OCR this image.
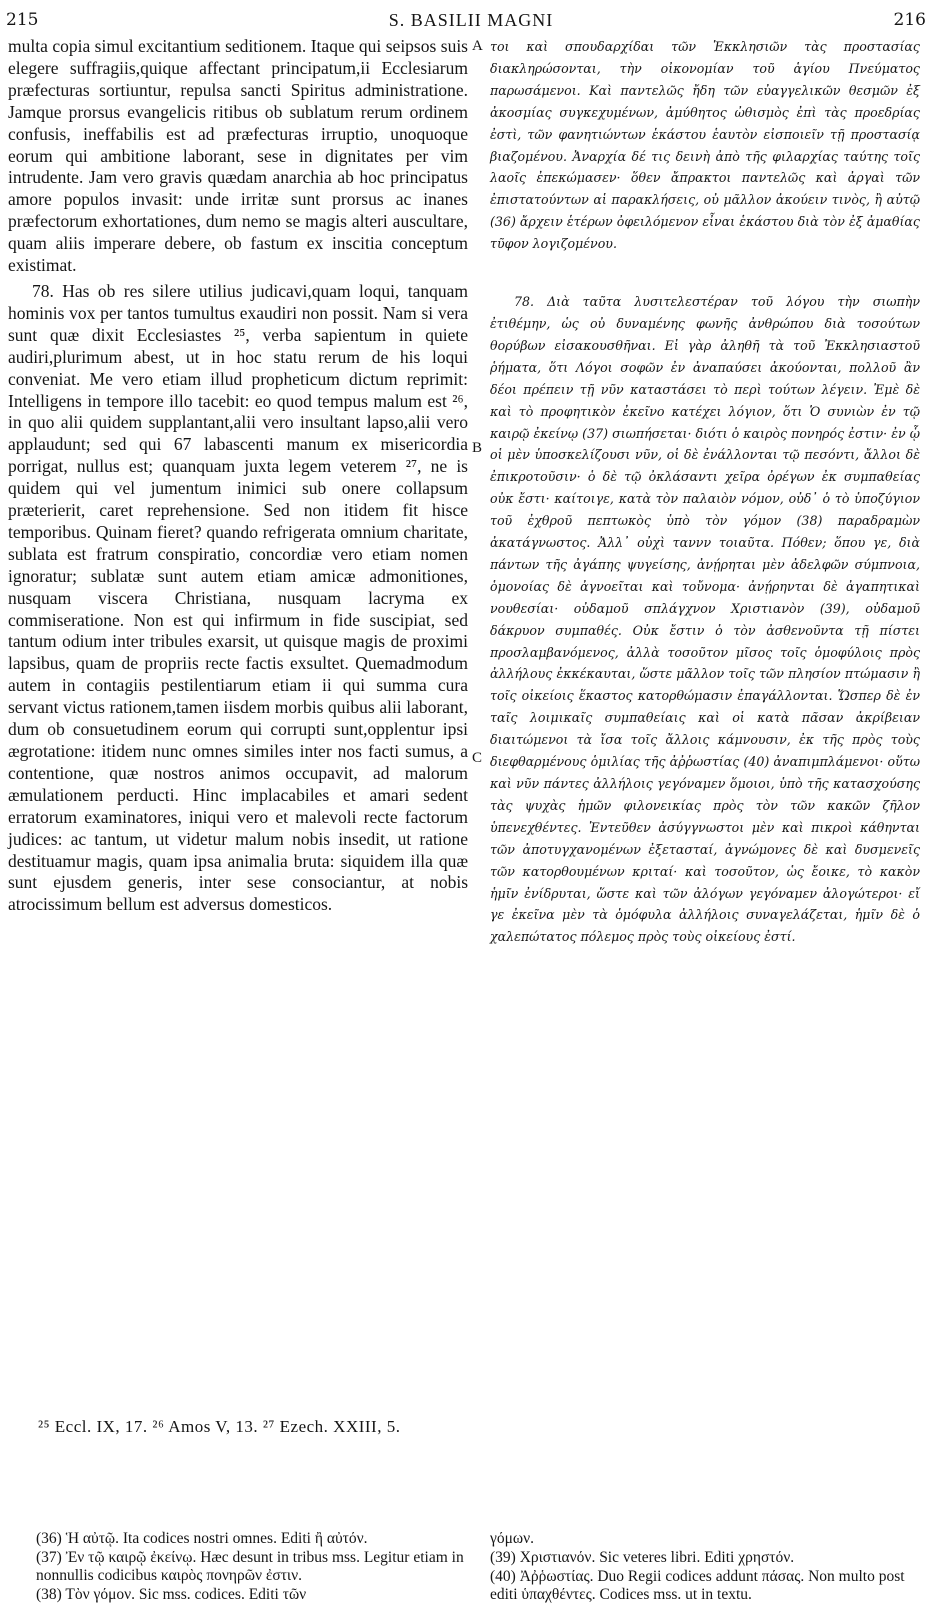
215	S. BASILII MAGNI	216

multa copia simul excitantium seditionem. Itaque qui seipsos suis elegere suffragiis,quique affectant principatum,ii Ecclesiarum præfecturas sortiuntur, repulsa sancti Spiritus administratione. Jamque prorsus evangelicis ritibus ob sublatum rerum ordinem confusis, ineffabilis est ad præfecturas irruptio, unoquoque eorum qui ambitione laborant, sese in dignitates per vim intrudente. Jam vero gravis quædam anarchia ab hoc principatus amore populos invasit: unde irritæ sunt prorsus ac inanes præfectorum exhortationes, dum nemo se magis alteri auscultare, quam aliis imperare debere, ob fastum ex inscitia conceptum existimat.

78. Has ob res silere utilius judicavi,quam loqui, tanquam hominis vox per tantos tumultus exaudiri non possit. Nam si vera sunt quæ dixit Ecclesiastes ²⁵, verba sapientum in quiete audiri,plurimum abest, ut in hoc statu rerum de his loqui conveniat. Me vero etiam illud propheticum dictum reprimit: Intelligens in tempore illo tacebit: eo quod tempus malum est ²⁶, in quo alii quidem supplantant,alii vero insultant lapso,alii vero applaudunt; sed qui 67 labascenti manum ex misericordia porrigat, nullus est; quanquam juxta legem veterem ²⁷, ne is quidem qui vel jumentum inimici sub onere collapsum præterierit, caret reprehensione. Sed non itidem fit hisce temporibus. Quinam fieret? quando refrigerata omnium charitate, sublata est fratrum conspiratio, concordiæ vero etiam nomen ignoratur; sublatæ sunt autem etiam amicæ admonitiones, nusquam viscera Christiana, nusquam lacryma ex commiseratione. Non est qui infirmum in fide suscipiat, sed tantum odium inter tribules exarsit, ut quisque magis de proximi lapsibus, quam de propriis recte factis exsultet. Quemadmodum autem in contagiis pestilentiarum etiam ii qui summa cura servant victus rationem,tamen iisdem morbis quibus alii laborant, dum ob consuetudinem eorum qui corrupti sunt,opplentur ipsi ægrotatione: itidem nunc omnes similes inter nos facti sumus, a contentione, quæ nostros animos occupavit, ad malorum æmulationem perducti. Hinc implacabiles et amari sedent erratorum examinatores, iniqui vero et malevoli recte factorum judices: ac tantum, ut videtur malum nobis insedit, ut ratione destituamur magis, quam ipsa animalia bruta: siquidem illa quæ sunt ejusdem generis, inter sese consociantur, at nobis atrocissimum bellum est adversus domesticos.

A
B
C

τοι καὶ σπουδαρχίδαι τῶν Ἐκκλησιῶν τὰς προστασίας διακληρώσονται, τὴν οἰκονομίαν τοῦ ἁγίου Πνεύματος παρωσάμενοι. Καὶ παντελῶς ἤδη τῶν εὐαγγελικῶν θεσμῶν ἐξ ἀκοσμίας συγκεχυμένων, ἀμύθητος ὠθισμὸς ἐπὶ τὰς προεδρίας ἐστὶ, τῶν φανητιώντων ἑκάστου ἑαυτὸν εἰσποιεῖν τῇ προστασίᾳ βιαζομένου. Ἀναρχία δέ τις δεινὴ ἀπὸ τῆς φιλαρχίας ταύτης τοῖς λαοῖς ἐπεκώμασεν· ὅθεν ἄπρακτοι παντελῶς καὶ ἀργαὶ τῶν ἐπιστατούντων αἱ παρακλήσεις, οὐ μᾶλλον ἀκούειν τινὸς, ἢ αὐτῷ (36) ἄρχειν ἑτέρων ὀφειλόμενον εἶναι ἑκάστου διὰ τὸν ἐξ ἀμαθίας τῦφον λογιζομένου.

78. Διὰ ταῦτα λυσιτελεστέραν τοῦ λόγου τὴν σιωπὴν ἐτιθέμην, ὡς οὐ δυναμένης φωνῆς ἀνθρώπου διὰ τοσούτων θορύβων εἰσακουσθῆναι. Εἰ γὰρ ἀληθῆ τὰ τοῦ Ἐκκλησιαστοῦ ῥήματα, ὅτι Λόγοι σοφῶν ἐν ἀναπαύσει ἀκούονται, πολλοῦ ἂν δέοι πρέπειν τῇ νῦν καταστάσει τὸ περὶ τούτων λέγειν. Ἐμὲ δὲ καὶ τὸ προφητικὸν ἐκεῖνο κατέχει λόγιον, ὅτι Ὁ συνιὼν ἐν τῷ καιρῷ ἐκείνῳ (37) σιωπήσεται· διότι ὁ καιρὸς πονηρός ἐστιν· ἐν ᾧ οἱ μὲν ὑποσκελίζουσι νῦν, οἱ δὲ ἐνάλλονται τῷ πεσόντι, ἄλλοι δὲ ἐπικροτοῦσιν· ὁ δὲ τῷ ὀκλάσαντι χεῖρα ὀρέγων ἐκ συμπαθείας οὐκ ἔστι· καίτοιγε, κατὰ τὸν παλαιὸν νόμον, οὐδ᾽ ὁ τὸ ὑποζύγιον τοῦ ἐχθροῦ πεπτωκὸς ὑπὸ τὸν γόμον (38) παραδραμὼν ἀκατάγνωστος. Ἀλλ᾽ οὐχὶ ταννν τοιαῦτα. Πόθεν; ὅπου γε, διὰ πάντων τῆς ἀγάπης ψυγείσης, ἀνῄρηται μὲν ἀδελφῶν σύμπνοια, ὁμονοίας δὲ ἀγνοεῖται καὶ τοὔνομα· ἀνῄρηνται δὲ ἀγαπητικαὶ νουθεσίαι· οὐδαμοῦ σπλάγχνον Χριστιανὸν (39), οὐδαμοῦ δάκρυον συμπαθές. Οὐκ ἔστιν ὁ τὸν ἀσθενοῦντα τῇ πίστει προσλαμβανόμενος, ἀλλὰ τοσοῦτον μῖσος τοῖς ὁμοφύλοις πρὸς ἀλλήλους ἐκκέκαυται, ὥστε μᾶλλον τοῖς τῶν πλησίον πτώμασιν ἢ τοῖς οἰκείοις ἕκαστος κατορθώμασιν ἐπαγάλλονται. Ὥσπερ δὲ ἐν ταῖς λοιμικαῖς συμπαθείαις καὶ οἱ κατὰ πᾶσαν ἀκρίβειαν διαιτώμενοι τὰ ἴσα τοῖς ἄλλοις κάμνουσιν, ἐκ τῆς πρὸς τοὺς διεφθαρμένους ὁμιλίας τῆς ἀῤῥωστίας (40) ἀναπιμπλάμενοι· οὕτω καὶ νῦν πάντες ἀλλήλοις γεγόναμεν ὅμοιοι, ὑπὸ τῆς κατασχούσης τὰς ψυχὰς ἡμῶν φιλονεικίας πρὸς τὸν τῶν κακῶν ζῆλον ὑπενεχθέντες. Ἐντεῦθεν ἀσύγγνωστοι μὲν καὶ πικροὶ κάθηνται τῶν ἀποτυγχανομένων ἐξετασταί, ἀγνώμονες δὲ καὶ δυσμενεῖς τῶν κατορθουμένων κριταί· καὶ τοσοῦτον, ὡς ἔοικε, τὸ κακὸν ἡμῖν ἐνίδρυται, ὥστε καὶ τῶν ἀλόγων γεγόναμεν ἀλογώτεροι· εἴ γε ἐκεῖνα μὲν τὰ ὁμόφυλα ἀλλήλοις συναγελάζεται, ἡμῖν δὲ ὁ χαλεπώτατος πόλεμος πρὸς τοὺς οἰκείους ἐστί.

²⁵ Eccl. IX, 17. ²⁶ Amos V, 13. ²⁷ Ezech. XXIII, 5.
(36) Ἡ αὐτῷ. Ita codices nostri omnes. Editi ἢ αὐτόν.
(37) Ἐν τῷ καιρῷ ἐκείνῳ. Hæc desunt in tribus mss. Legitur etiam in nonnullis codicibus καιρὸς πονηρῶν ἐστιν.
(38) Τὸν γόμον. Sic mss. codices. Editi τῶν
γόμων.
(39) Χριστιανόν. Sic veteres libri. Editi χρηστόν.
(40) Ἀῤῥωστίας. Duo Regii codices addunt πάσας. Non multo post editi ὑπαχθέντες. Codices mss. ut in textu.
